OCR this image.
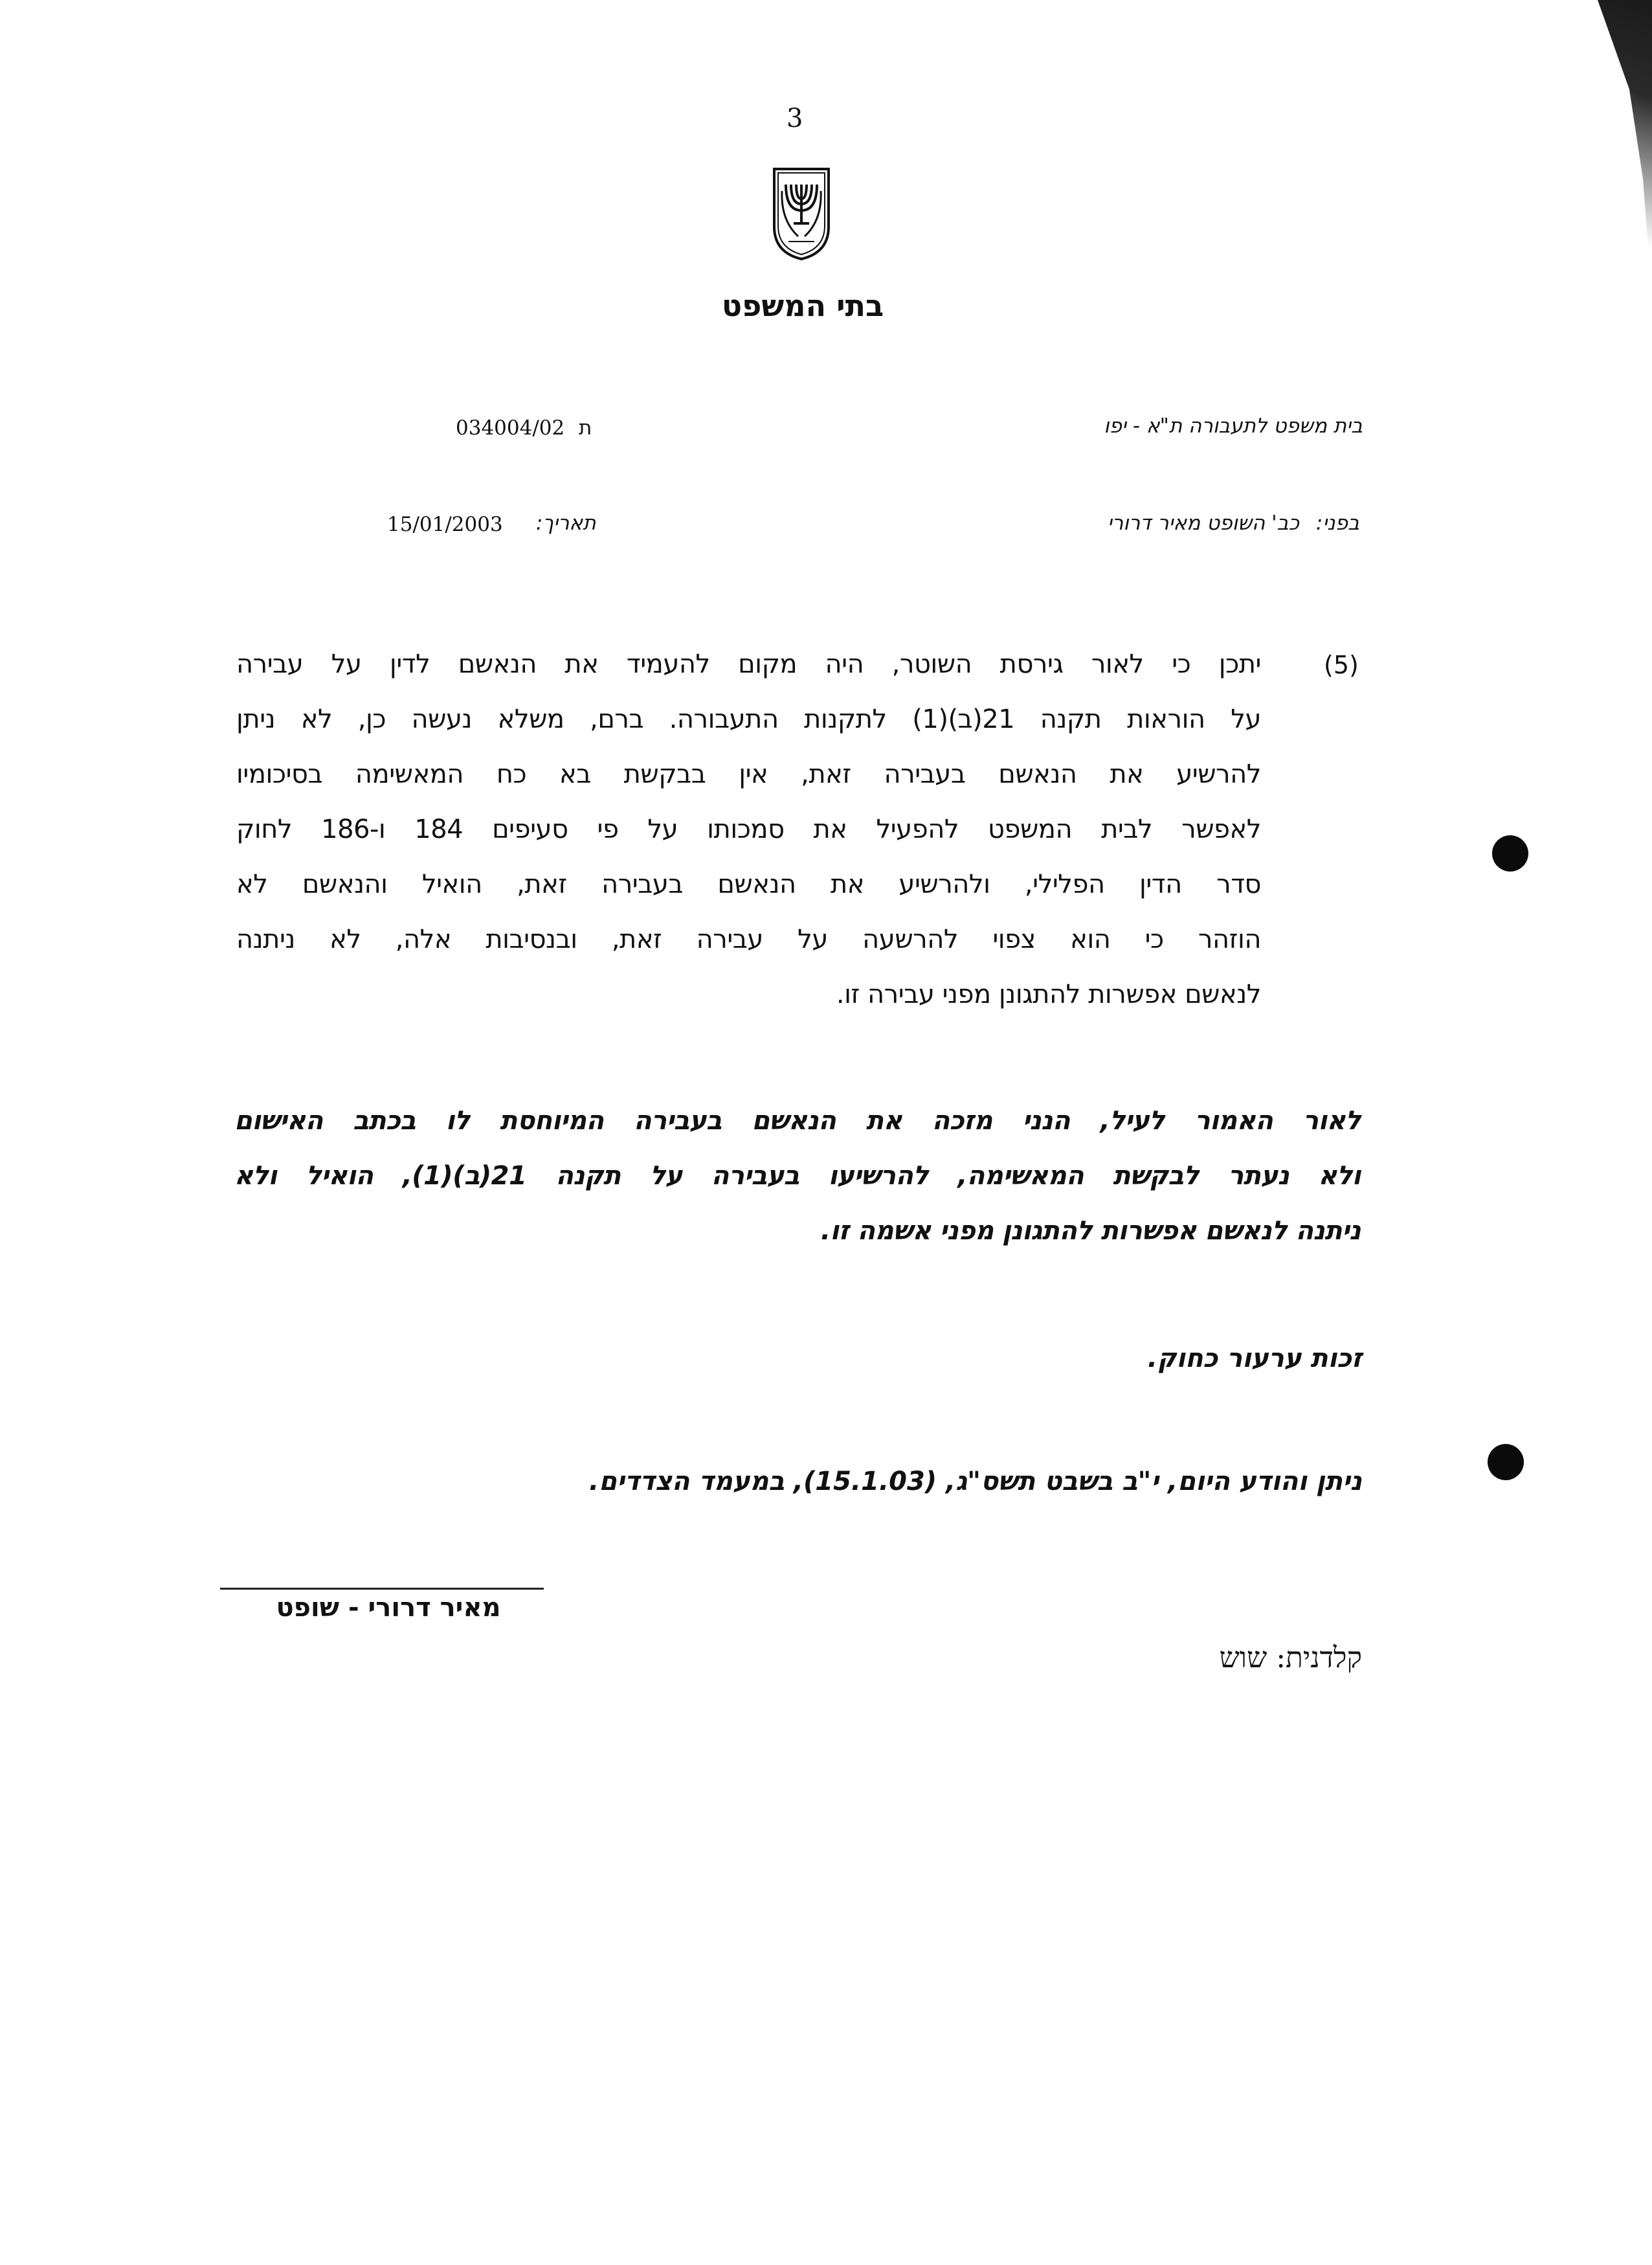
3
בתי המשפט
בית משפט לתעבורה ת"א - יפו
ת
034004/02
בפני:
כב' השופט מאיר דרורי
תאריך:
15/01/2003
(5)
יתכן כי לאור גירסת השוטר, היה מקום להעמיד את הנאשם לדין על עבירה
על הוראות תקנה 21(ב)(1) לתקנות התעבורה. ברם, משלא נעשה כן, לא ניתן
להרשיע את הנאשם בעבירה זאת, אין בבקשת בא כח המאשימה בסיכומיו
לאפשר לבית המשפט להפעיל את סמכותו על פי סעיפים 184 ו-186 לחוק
סדר הדין הפלילי, ולהרשיע את הנאשם בעבירה זאת, הואיל והנאשם לא
הוזהר כי הוא צפוי להרשעה על עבירה זאת, ובנסיבות אלה, לא ניתנה
לנאשם אפשרות להתגונן מפני עבירה זו.
לאור האמור לעיל, הנני מזכה את הנאשם בעבירה המיוחסת לו בכתב האישום
ולא נעתר לבקשת המאשימה, להרשיעו בעבירה על תקנה 21(ב)(1), הואיל ולא
ניתנה לנאשם אפשרות להתגונן מפני אשמה זו.
זכות ערעור כחוק.
ניתן והודע היום, י"ב בשבט תשס"ג, (15.1.03), במעמד הצדדים.
מאיר דרורי - שופט
קלדנית: שוש
